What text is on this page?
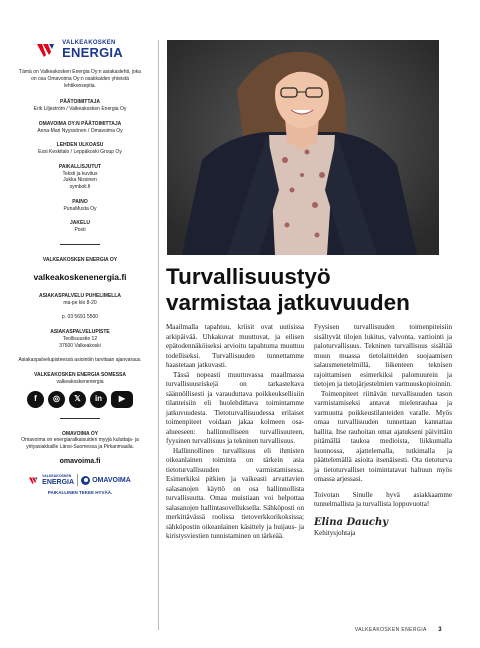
VALKEAKOSKEN
ENERGIA
Tämä on Valkeakosken Energia Oy:n asiakaslehti, joka on osa Omavoima Oy:n osakkaiden yhteistä lehtikonseptia.
PÄÄTOIMITTAJA
Erik Liljeström / Valkeakosken Energia Oy
OMAVOIMA OY:N PÄÄTOIMITTAJA
Anna-Mari Nyyssönen / Omavoima Oy
LEHDEN ULKOASU
Essi Keskitalo / Leppäkoski Group Oy
PAIKALLISJUTUT
Teksti ja kuvitus
Jukka Nissinen
symboli.fi
PAINO
PunaMusta Oy
JAKELU
Posti
VALKEAKOSKEN ENERGIA OY
valkeakoskenenergia.fi
ASIAKASPALVELU PUHELIMELLA
ma-pe klo 8-20
p. 03 5691 5500
ASIAKASPALVELUPISTE
Teollisuustie 12
37600 Valkeakoski
Asiakaspalvelupisteessä asiointiin tarvitaan ajanvaraus.
VALKEAKOSKEN ENERGIA SOMESSA
valkeakoskenenergia
f	◎	𝕏	in	▶
OMAVOIMA OY
Omavoima on energiaratkaisuiden myyjä kuluttaja- ja yrityasiakkaille Länsi-Suomessa ja Pirkanmaalla.
omavoima.fi
VALKEAKOSKEN
ENERGIA	OMAVOIMA
PAIKALLINEN TEKEE HYVÄÄ.
Turvallisuustyö
varmistaa jatkuvuuden

Maailmalla tapahtuu, kriisit ovat uutisissa arkipäivää. Uhkakuvat muuttuvat, ja eilisen epätodennäköiseksi arvioitu tapahtuma muuttuu todelliseksi. Turvallisuuden tunnettamme haastetaan jatkuvasti.

Tässä nopeasti muuttuvassa maailmassa turvallisuusriskejä on tarkasteltava säännöllisesti ja varauduttava poikkeuksellisiin tilanteisiin eli huolehdittava toimintamme jatkuvuudesta. Tietoturvallisuudessa erilaiset toimenpiteet voidaan jakaa kolmeen osa-alueeseen: hallinnolliseen turvallisuuteen, fyysinen turvallisuus ja tekninen turvallisuus.

Hallinnollinen turvallisuus eli ihmisten oikeanlainen toiminta on tärkein asia tietoturvallisuuden varmistamisessa. Esimerkiksi pitkien ja vaikeasti arvattavien salasanojen käyttö on osa hallinnollista turvallisuutta. Omaa muistiaan voi helpottaa salasanojen hallintasovelluksella. Sähköposti on merkittävässä roolissa tietoverkkorikoksissa; sähköpostin oikeanlainen käsittely ja huijaus- ja kiristysviestien tunnistaminen on tärkeää.

Fyysisen turvallisuuden toimenpiteisiin sisältyvät tilojen lukitus, valvonta, vartiointi ja paloturvallisuus. Tekninen turvallisuus sisältää muun muassa tietolaitteiden suojaamisen salausmenetelmillä, liikenteen teknisen rajoittamisen esimerkiksi palomuurein ja tietojen ja tietojärjestelmien varmuuskopioinnin.

Toimenpiteet riittävän turvallisuuden tason varmistamiseksi antavat mielenrauhaa ja varmuutta poikkeustilanteiden varalle. Myös omaa turvallisuuden tunnettaan kannattaa hallita. Itse rauhoitan omat ajatukseni päivittäin pitämällä taukoa medioista, liikkumalla luonnossa, ajattelemalla, tutkimalla ja päättelemällä asioita itsenäisesti. Ota tietoturva ja tietoturvalliset toimintatavat haltuun myös omassa arjessasi.

Toivotan Sinulle hyvä asiakkaamme tunnelmallista ja turvallista loppuvuotta!

Elina Dauchy
Kehitysjohtaja
VALKEAKOSKEN ENERGIA 3
